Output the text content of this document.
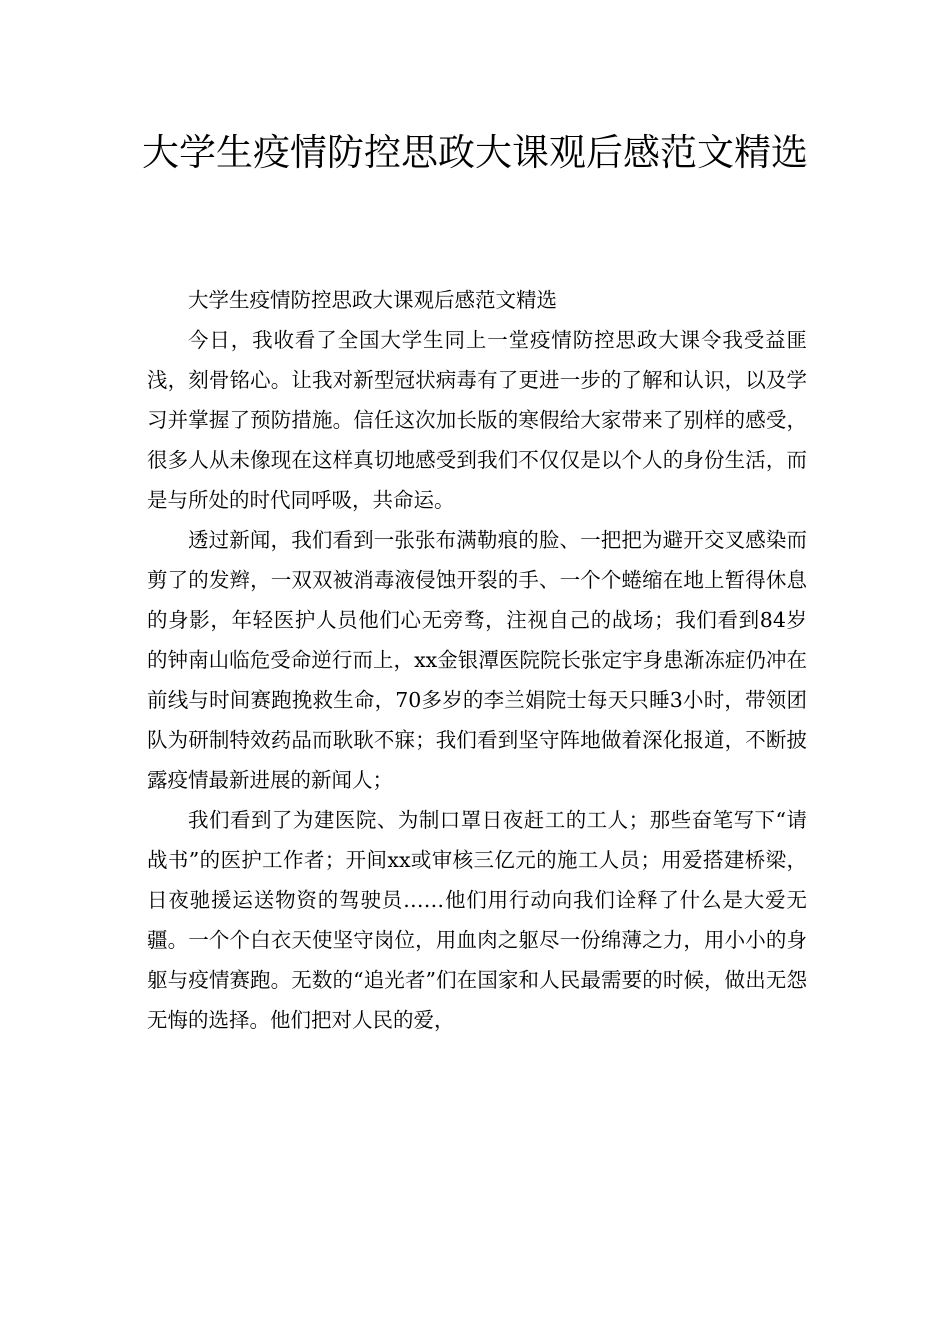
大学生疫情防控思政大课观后感范文精选

大学生疫情防控思政大课观后感范文精选

今日，我收看了全国大学生同上一堂疫情防控思政大课令我受益匪浅，刻骨铭心。让我对新型冠状病毒有了更进一步的了解和认识，以及学习并掌握了预防措施。信任这次加长版的寒假给大家带来了别样的感受，很多人从未像现在这样真切地感受到我们不仅仅是以个人的身份生活，而是与所处的时代同呼吸，共命运。

透过新闻，我们看到一张张布满勒痕的脸、一把把为避开交叉感染而剪了的发辫，一双双被消毒液侵蚀开裂的手、一个个蜷缩在地上暂得休息的身影，年轻医护人员他们心无旁骛，注视自己的战场；我们看到84岁的钟南山临危受命逆行而上，xx金银潭医院院长张定宇身患渐冻症仍冲在前线与时间赛跑挽救生命，70多岁的李兰娟院士每天只睡3小时，带领团队为研制特效药品而耿耿不寐；我们看到坚守阵地做着深化报道，不断披露疫情最新进展的新闻人；

我们看到了为建医院、为制口罩日夜赶工的工人；那些奋笔写下“请战书”的医护工作者；开间xx或审核三亿元的施工人员；用爱搭建桥梁，日夜驰援运送物资的驾驶员……他们用行动向我们诠释了什么是大爱无疆。一个个白衣天使坚守岗位，用血肉之躯尽一份绵薄之力，用小小的身躯与疫情赛跑。无数的“追光者”们在国家和人民最需要的时候，做出无怨无悔的选择。他们把对人民的爱，
